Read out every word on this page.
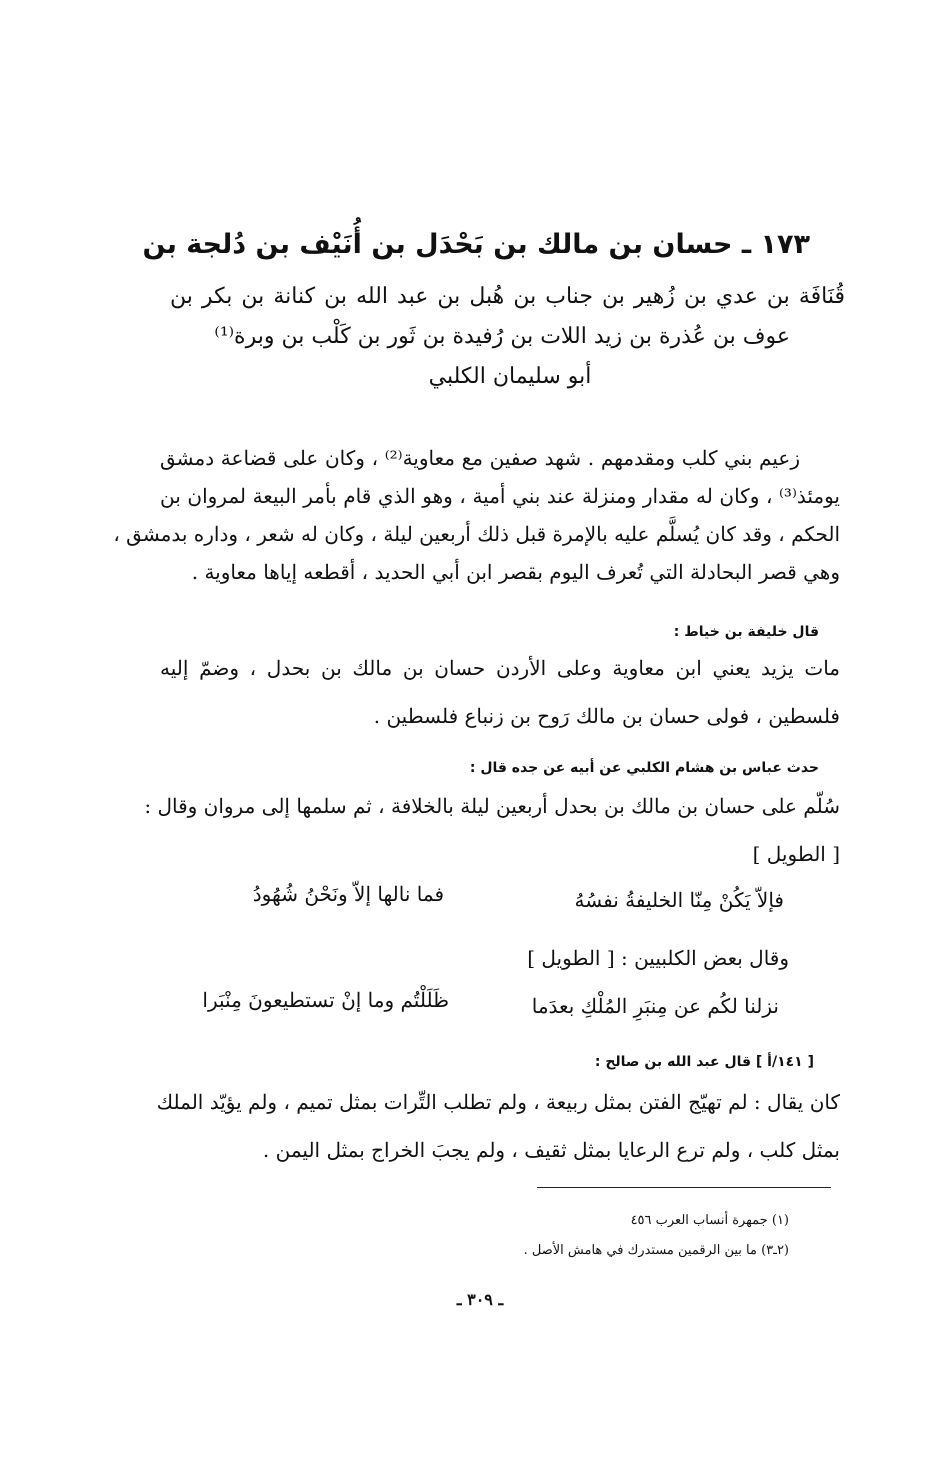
١٧٣ ـ حسان بن مالك بن بَحْدَل بن أُنَيْف بن دُلجة بن
قُنَافَة بن عدي بن زُهير بن جناب بن هُبل بن عبد الله بن كنانة بن بكر بن
عوف بن عُذرة بن زيد اللات بن رُفيدة بن ثَور بن كَلْب بن وبرة⁽¹⁾
أبو سليمان الكلبي
زعيم بني كلب ومقدمهم . شهد صفين مع معاوية⁽²⁾ ، وكان على قضاعة دمشق
يومئذ⁽³⁾ ، وكان له مقدار ومنزلة عند بني أمية ، وهو الذي قام بأمر البيعة لمروان بن
الحكم ، وقد كان يُسلَّم عليه بالإمرة قبل ذلك أربعين ليلة ، وكان له شعر ، وداره بدمشق ،
وهي قصر البحادلة التي تُعرف اليوم بقصر ابن أبي الحديد ، أقطعه إياها معاوية .
قال خليفة بن خياط :
مات يزيد يعني ابن معاوية وعلى الأردن حسان بن مالك بن بحدل ، وضمّ إليه
فلسطين ، فولى حسان بن مالك رَوح بن زنباع فلسطين .
حدث عباس بن هشام الكلبي عن أبيه عن جده قال :
سُلّم على حسان بن مالك بن بحدل أربعين ليلة بالخلافة ، ثم سلمها إلى مروان وقال :
[ الطويل ]
فإلاّ يَكُنْ مِنّا الخليفةُ نفسُهُ
فما نالها إلاّ ونَحْنُ شُهُودُ
وقال بعض الكلبيين : [ الطويل ]
نزلنا لكُم عن مِنبَرِ المُلْكِ بعدَما
ظَلَلْتُم وما إنْ تستطيعونَ مِنْبَرا
[ ١٤١/أ ] قال عبد الله بن صالح :
كان يقال : لم تهيّج الفتن بمثل ربيعة ، ولم تطلب التِّرات بمثل تميم ، ولم يؤيّد الملك
بمثل كلب ، ولم ترع الرعايا بمثل ثقيف ، ولم يجبَ الخراج بمثل اليمن .
(١) جمهرة أنساب العرب ٤٥٦
(٢ـ٣) ما بين الرقمين مستدرك في هامش الأصل .
ـ ٣٠٩ ـ
